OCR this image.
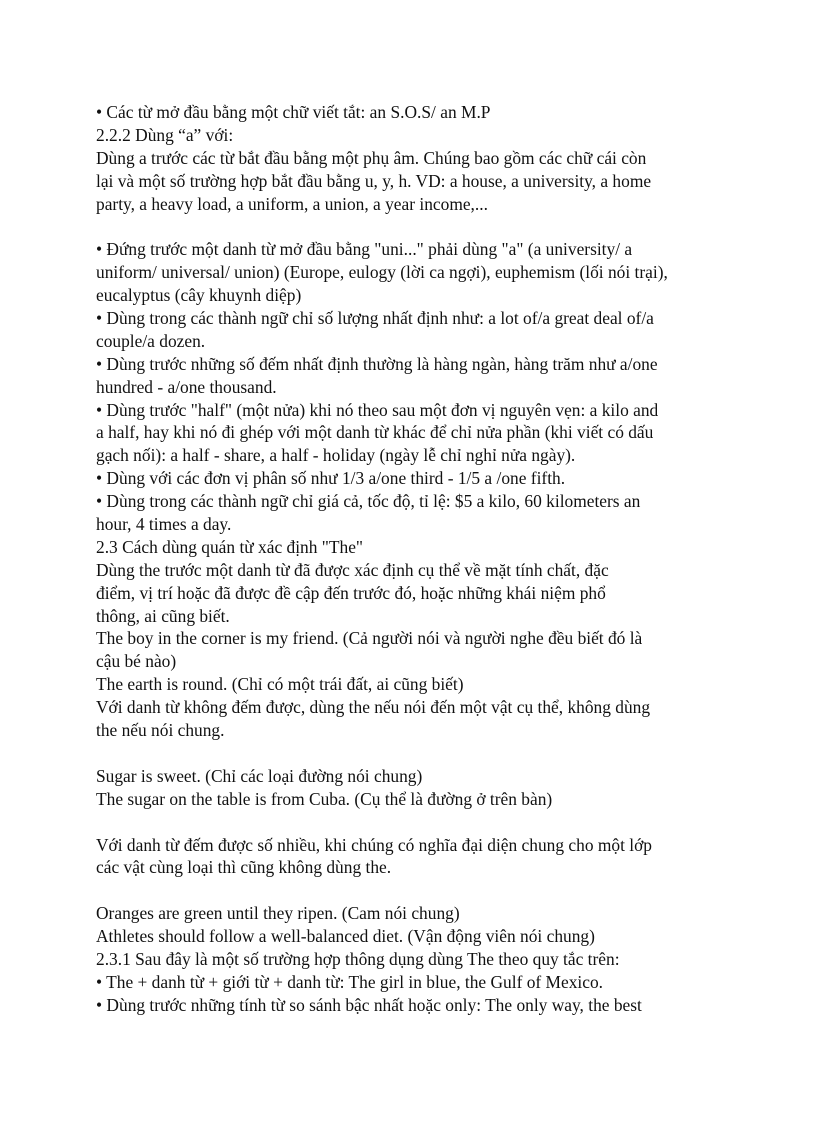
• Các từ mở đầu bằng một chữ viết tắt: an S.O.S/ an M.P
2.2.2 Dùng “a” với:
Dùng a trước các từ bắt đầu bằng một phụ âm. Chúng bao gồm các chữ cái còn
lại và một số trường hợp bắt đầu bằng u, y, h. VD: a house, a university, a home
party, a heavy load, a uniform, a union, a year income,...
• Đứng trước một danh từ mở đầu bằng "uni..." phải dùng "a" (a university/ a
uniform/ universal/ union) (Europe, eulogy (lời ca ngợi), euphemism (lối nói trại),
eucalyptus (cây khuynh diệp)
• Dùng trong các thành ngữ chỉ số lượng nhất định như: a lot of/a great deal of/a
couple/a dozen.
• Dùng trước những số đếm nhất định thường là hàng ngàn, hàng trăm như a/one
hundred - a/one thousand.
• Dùng trước "half" (một nửa) khi nó theo sau một đơn vị nguyên vẹn: a kilo and
a half, hay khi nó đi ghép với một danh từ khác để chỉ nửa phần (khi viết có dấu
gạch nối): a half - share, a half - holiday (ngày lễ chỉ nghỉ nửa ngày).
• Dùng với các đơn vị phân số như 1/3 a/one third - 1/5 a /one fifth.
• Dùng trong các thành ngữ chỉ giá cả, tốc độ, tỉ lệ: $5 a kilo, 60 kilometers an
hour, 4 times a day.
2.3 Cách dùng quán từ xác định "The"
Dùng the trước một danh từ đã được xác định cụ thể về mặt tính chất, đặc
điểm, vị trí hoặc đã được đề cập đến trước đó, hoặc những khái niệm phổ
thông, ai cũng biết.
The boy in the corner is my friend. (Cả người nói và người nghe đều biết đó là
cậu bé nào)
The earth is round. (Chỉ có một trái đất, ai cũng biết)
Với danh từ không đếm được, dùng the nếu nói đến một vật cụ thể, không dùng
the nếu nói chung.
Sugar is sweet. (Chỉ các loại đường nói chung)
The sugar on the table is from Cuba. (Cụ thể là đường ở trên bàn)
Với danh từ đếm được số nhiều, khi chúng có nghĩa đại diện chung cho một lớp
các vật cùng loại thì cũng không dùng the.
Oranges are green until they ripen. (Cam nói chung)
Athletes should follow a well-balanced diet. (Vận động viên nói chung)
2.3.1 Sau đây là một số trường hợp thông dụng dùng The theo quy tắc trên:
• The + danh từ + giới từ + danh từ: The girl in blue, the Gulf of Mexico.
• Dùng trước những tính từ so sánh bậc nhất hoặc only: The only way, the best
